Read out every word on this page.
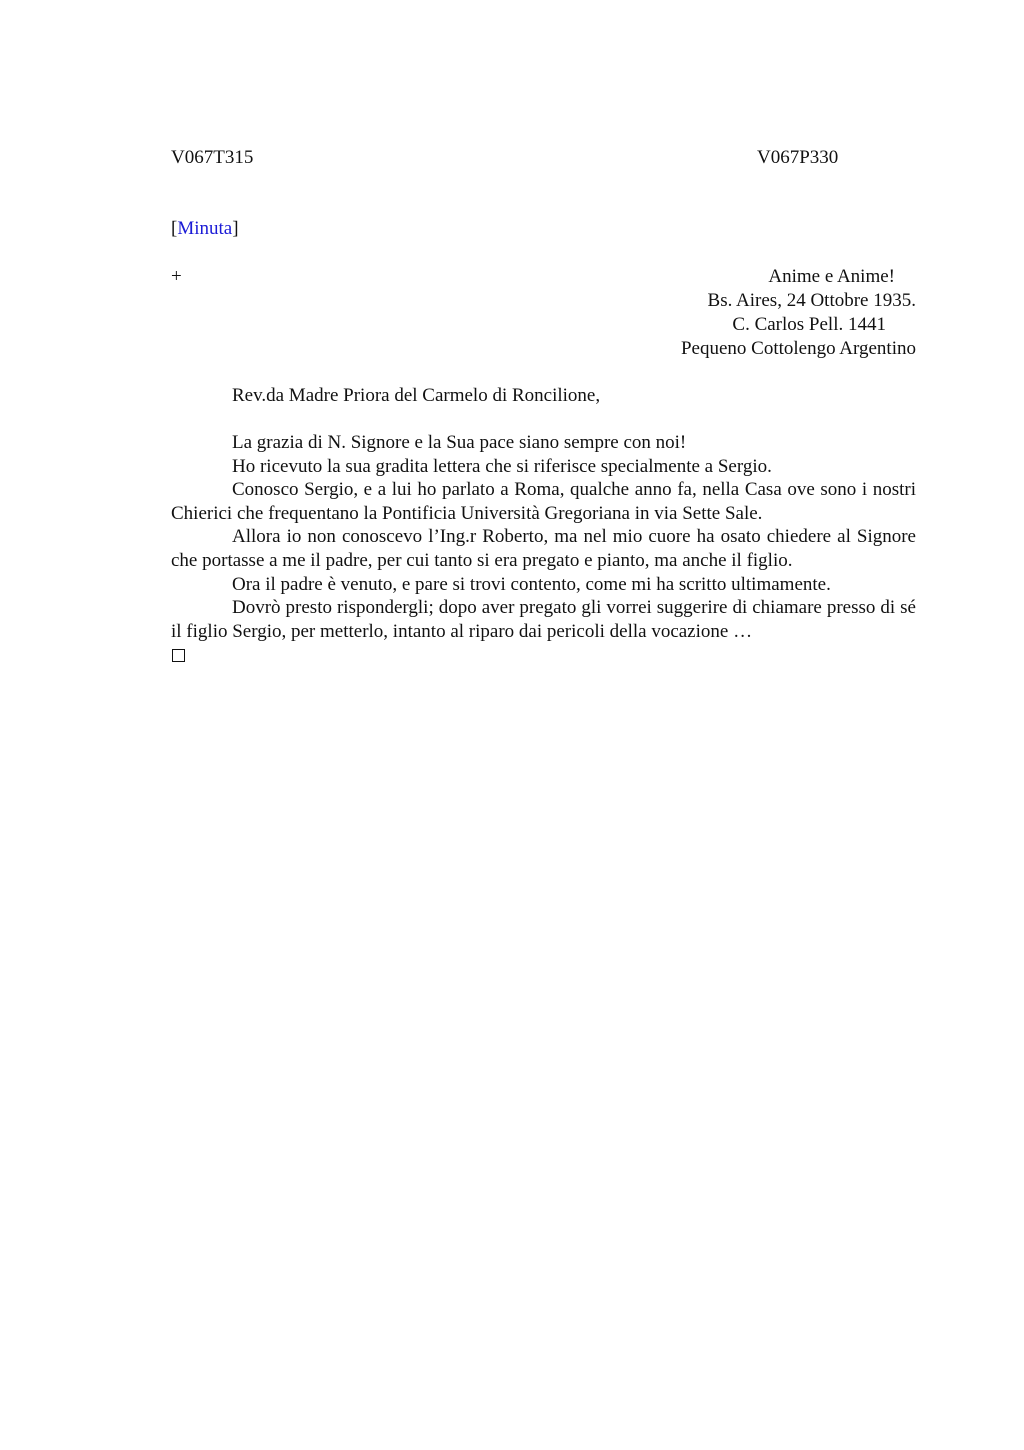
V067T315	V067P330
[Minuta]
+	Anime e Anime!
Bs. Aires, 24 Ottobre 1935.
C. Carlos Pell. 1441
Pequeno Cottolengo Argentino
Rev.da Madre Priora del Carmelo di Roncilione,

La grazia di N. Signore e la Sua pace siano sempre con noi!

Ho ricevuto la sua gradita lettera che si riferisce specialmente a Sergio.

Conosco Sergio, e a lui ho parlato a Roma, qualche anno fa, nella Casa ove sono i nostri Chierici che frequentano la Pontificia Università Gregoriana in via Sette Sale.

Allora io non conoscevo l’Ing.r Roberto, ma nel mio cuore ha osato chiedere al Signore che portasse a me il padre, per cui tanto si era pregato e pianto, ma anche il figlio.

Ora il padre è venuto, e pare si trovi contento, come mi ha scritto ultimamente.

Dovrò presto rispondergli; dopo aver pregato gli vorrei suggerire di chiamare presso di sé il figlio Sergio, per metterlo, intanto al riparo dai pericoli della vocazione …
